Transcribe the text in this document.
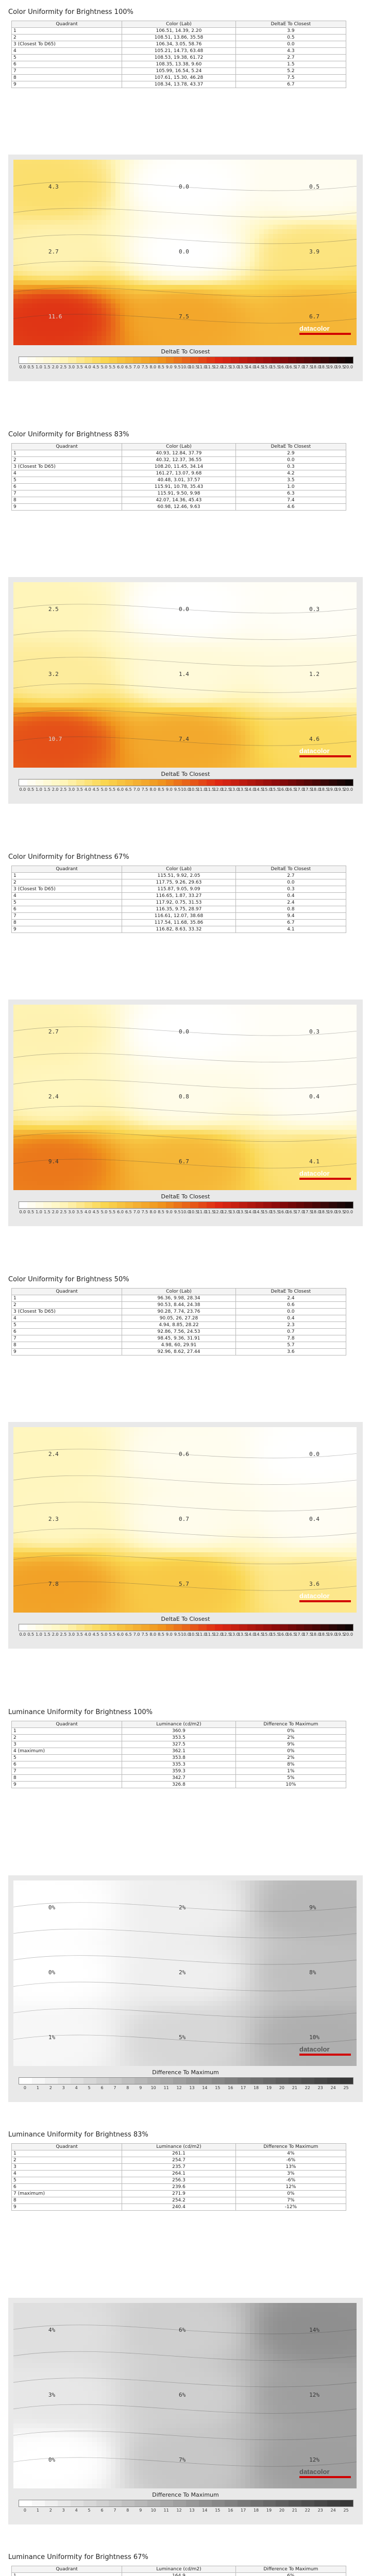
Color Uniformity for Brightness 100%
Quadrant	Color (Lab)	DeltaE To Closest
1	106.51, 14.39, 2.20	3.9
2	108.51, 13.86, 35.58	0.5
3 (Closest To D65)	106.34, 3.05, 58.76	0.0
4	105.21, 14.73, 63.48	4.3
5	108.53, 19.38, 61.72	2.7
6	108.35, 13.38, 9.60	1.5
7	105.99, 16.54, 5.24	5.2
8	107.61, 15.30, 46.28	7.5
9	108.34, 13.78, 43.37	6.7
4.3	0.0	0.5
2.7	0.0	3.9
11.6	7.5	6.7
datacolor
DeltaE To Closest
0.0 0.5 1.0 1.5 2.0 2.5 3.0 3.5 4.0 4.5 5.0 5.5 6.0 6.5 7.0 7.5 8.0 8.5 9.0 9.5 10.0
10.5
11.0
11.5
12.0
12.5
13.0
13.5
14.0
14.5
15.0
15.5
16.0
16.5
17.0
17.5
18.0
18.5
19.0
19.5
20.0
Color Uniformity for Brightness 83%
Quadrant	Color (Lab)	DeltaE To Closest
1	40.93, 12.84, 37.79	2.9
2	40.32, 12.37, 36.55	0.0
3 (Closest To D65)	108.20, 11.45, 34.14	0.3
4	161.27, 13.07, 9.68	4.2
5	40.48, 3.01, 37.57	3.5
6	115.91, 10.78, 35.43	1.0
7	115.91, 9.50, 9.98	6.3
8	42.07, 14.36, 45.43	7.4
9	60.98, 12.46, 9.63	4.6
2.5	0.0	0.3
3.2	1.4	1.2
10.7	7.4	4.6
datacolor
DeltaE To Closest
0.0 0.5 1.0 1.5 2.0 2.5 3.0 3.5 4.0 4.5 5.0 5.5 6.0 6.5 7.0 7.5 8.0 8.5 9.0 9.5 10.0
10.5
11.0
11.5
12.0
12.5
13.0
13.5
14.0
14.5
15.0
15.5
16.0
16.5
17.0
17.5
18.0
18.5
19.0
19.5
20.0
Color Uniformity for Brightness 67%
Quadrant	Color (Lab)	DeltaE To Closest
1	115.51, 9.92, 2.05	2.7
2	117.75, 9.26, 29.63	0.0
3 (Closest To D65)	115.87, 9.05, 9.09	0.3
4	116.65, 1.87, 33.27	0.4
5	117.92, 0.75, 31.53	2.4
6	116.35, 9.75, 28.97	0.8
7	116.61, 12.07, 38.68	9.4
8	117.54, 11.68, 35.86	6.7
9	116.82, 8.63, 33.32	4.1
2.7	0.0	0.3
2.4	0.8	0.4
9.4	6.7	4.1
datacolor
DeltaE To Closest
0.0 0.5 1.0 1.5 2.0 2.5 3.0 3.5 4.0 4.5 5.0 5.5 6.0 6.5 7.0 7.5 8.0 8.5 9.0 9.5 10.0
10.5
11.0
11.5
12.0
12.5
13.0
13.5
14.0
14.5
15.0
15.5
16.0
16.5
17.0
17.5
18.0
18.5
19.0
19.5
20.0
Color Uniformity for Brightness 50%
Quadrant	Color (Lab)	DeltaE To Closest
1	96.36, 9.98, 28.34	2.4
2	90.53, 8.44, 24.38	0.6
3 (Closest To D65)	90.28, 7.74, 23.76	0.0
4	90.05, 26, 27.28	0.4
5	4.94, 8.85, 28.22	2.3
6	92.86, 7.56, 24.53	0.7
7	98.45, 9.36, 31.91	7.8
8	4.98, 60, 29.91	5.7
9	92.96, 8.62, 27.44	3.6
2.4	0.6	0.0
2.3	0.7	0.4
7.8	5.7	3.6
datacolor
DeltaE To Closest
0.0 0.5 1.0 1.5 2.0 2.5 3.0 3.5 4.0 4.5 5.0 5.5 6.0 6.5 7.0 7.5 8.0 8.5 9.0 9.5 10.0
10.5
11.0
11.5
12.0
12.5
13.0
13.5
14.0
14.5
15.0
15.5
16.0
16.5
17.0
17.5
18.0
18.5
19.0
19.5
20.0
Luminance Uniformity for Brightness 100%
Quadrant	Luminance (cd/m2)	Difference To Maximum
1	360.9	0%
2	353.5	2%
3	327.5	9%
4 (maximum)	362.1	0%
5	353.8	2%
6	335.3	8%
7	359.3	1%
8	342.7	5%
9	326.8	10%
0%	2%	9%
0%	2%	8%
1%	5%	10%
datacolor
Difference To Maximum
0 1 2 3 4 5 6 7 8 9 10 11 12 13 14 15 16 17 18 19 20 21 22 23 24 25
Luminance Uniformity for Brightness 83%
Quadrant	Luminance (cd/m2)	Difference To Maximum
1	261.1	4%
2	254.7	-6%
3	235.7	13%
4	264.1	3%
5	256.3	-6%
6	239.6	12%
7 (maximum)	271.9	0%
8	254.2	7%
9	240.4	-12%
4%	6%	14%
3%	6%	12%
0%	7%	12%
datacolor
Difference To Maximum
0 1 2 3 4 5 6 7 8 9 10 11 12 13 14 15 16 17 18 19 20 21 22 23 24 25
Luminance Uniformity for Brightness 67%
Quadrant	Luminance (cd/m2)	Difference To Maximum
1	164.9	6%
